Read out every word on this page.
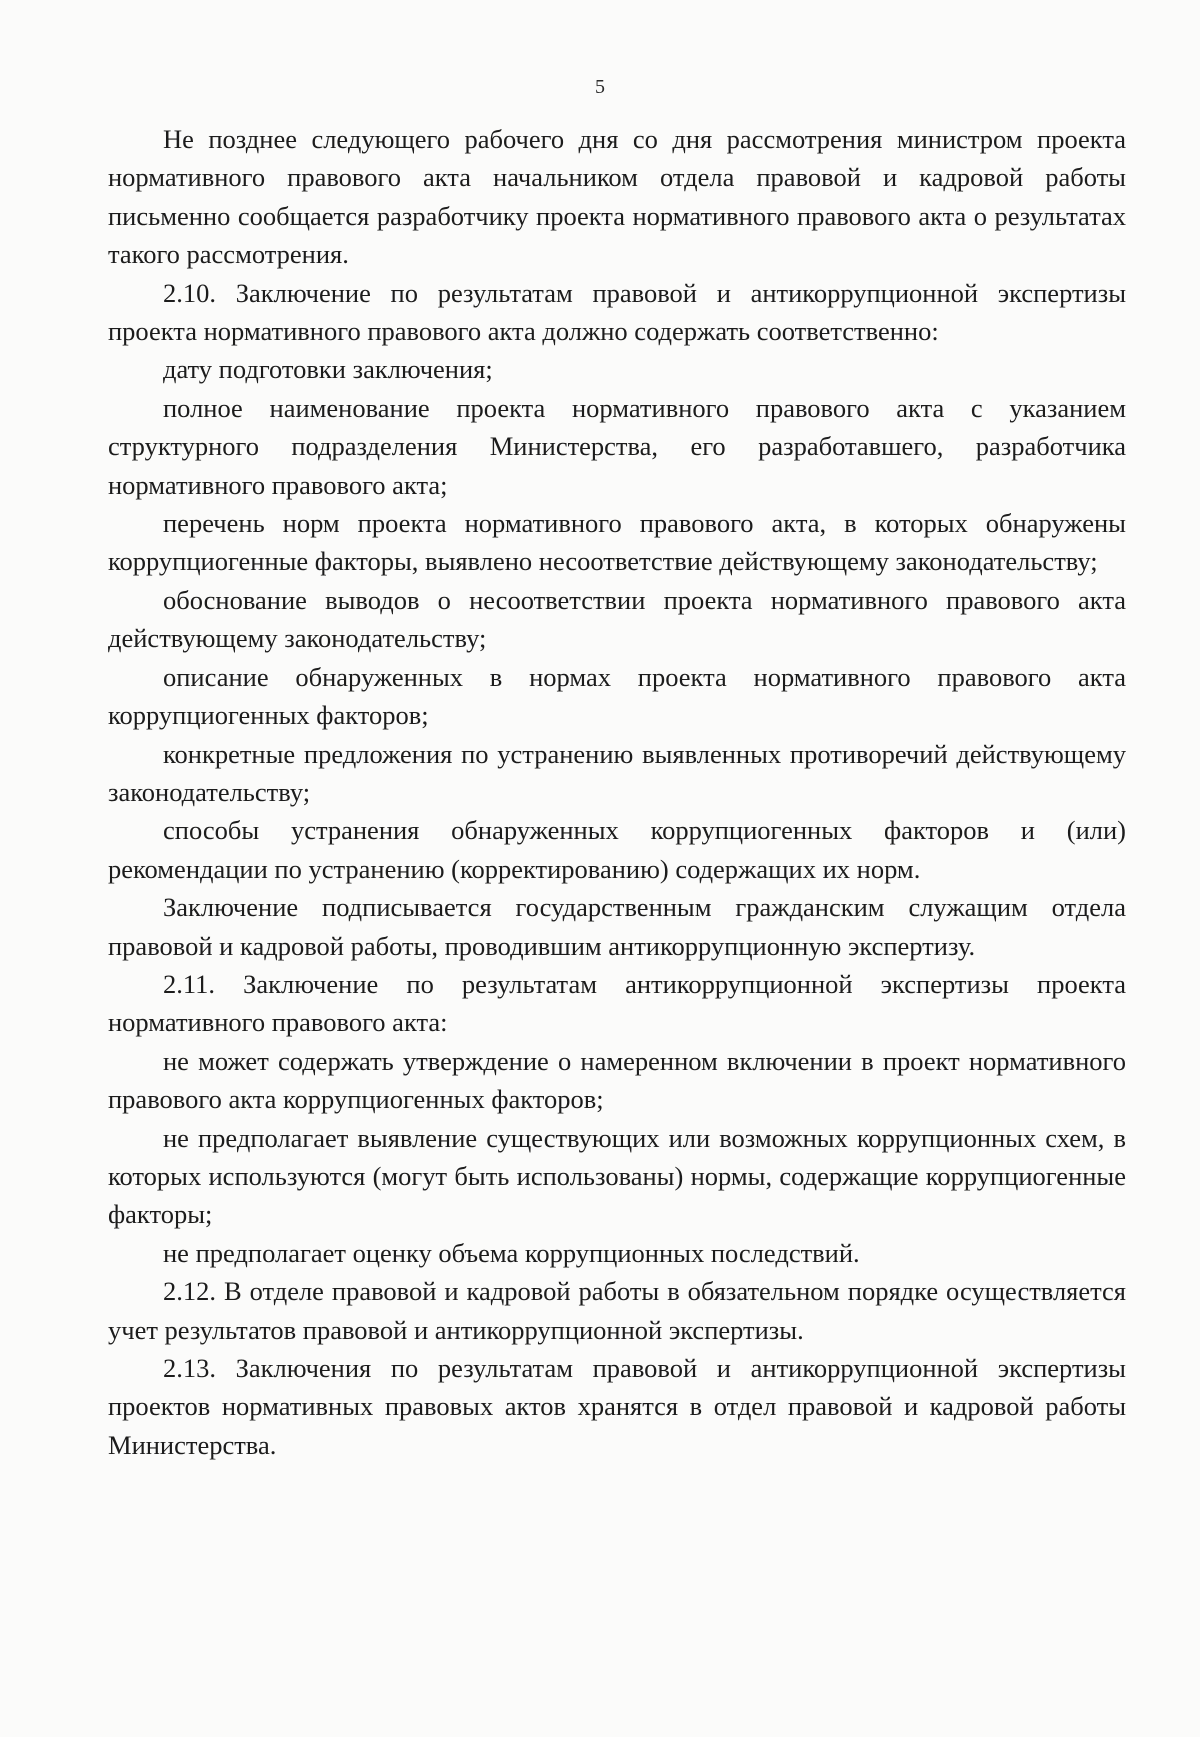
5

Не позднее следующего рабочего дня со дня рассмотрения министром проекта нормативного правового акта начальником отдела правовой и кадровой работы письменно сообщается разработчику проекта нормативного правового акта о результатах такого рассмотрения.

2.10. Заключение по результатам правовой и антикоррупционной экспертизы проекта нормативного правового акта должно содержать соответственно:

дату подготовки заключения;

полное наименование проекта нормативного правового акта с указанием структурного подразделения Министерства, его разработавшего, разработчика нормативного правового акта;

перечень норм проекта нормативного правового акта, в которых обнаружены коррупциогенные факторы, выявлено несоответствие действующему законодательству;

обоснование выводов о несоответствии проекта нормативного правового акта действующему законодательству;

описание обнаруженных в нормах проекта нормативного правового акта коррупциогенных факторов;

конкретные предложения по устранению выявленных противоречий действующему законодательству;

способы устранения обнаруженных коррупциогенных факторов и (или) рекомендации по устранению (корректированию) содержащих их норм.

Заключение подписывается государственным гражданским служащим отдела правовой и кадровой работы, проводившим антикоррупционную экспертизу.

2.11. Заключение по результатам антикоррупционной экспертизы проекта нормативного правового акта:

не может содержать утверждение о намеренном включении в проект нормативного правового акта коррупциогенных факторов;

не предполагает выявление существующих или возможных коррупционных схем, в которых используются (могут быть использованы) нормы, содержащие коррупциогенные факторы;

не предполагает оценку объема коррупционных последствий.

2.12. В отделе правовой и кадровой работы в обязательном порядке осуществляется учет результатов правовой и антикоррупционной экспертизы.

2.13. Заключения по результатам правовой и антикоррупционной экспертизы проектов нормативных правовых актов хранятся в отдел правовой и кадровой работы Министерства.
